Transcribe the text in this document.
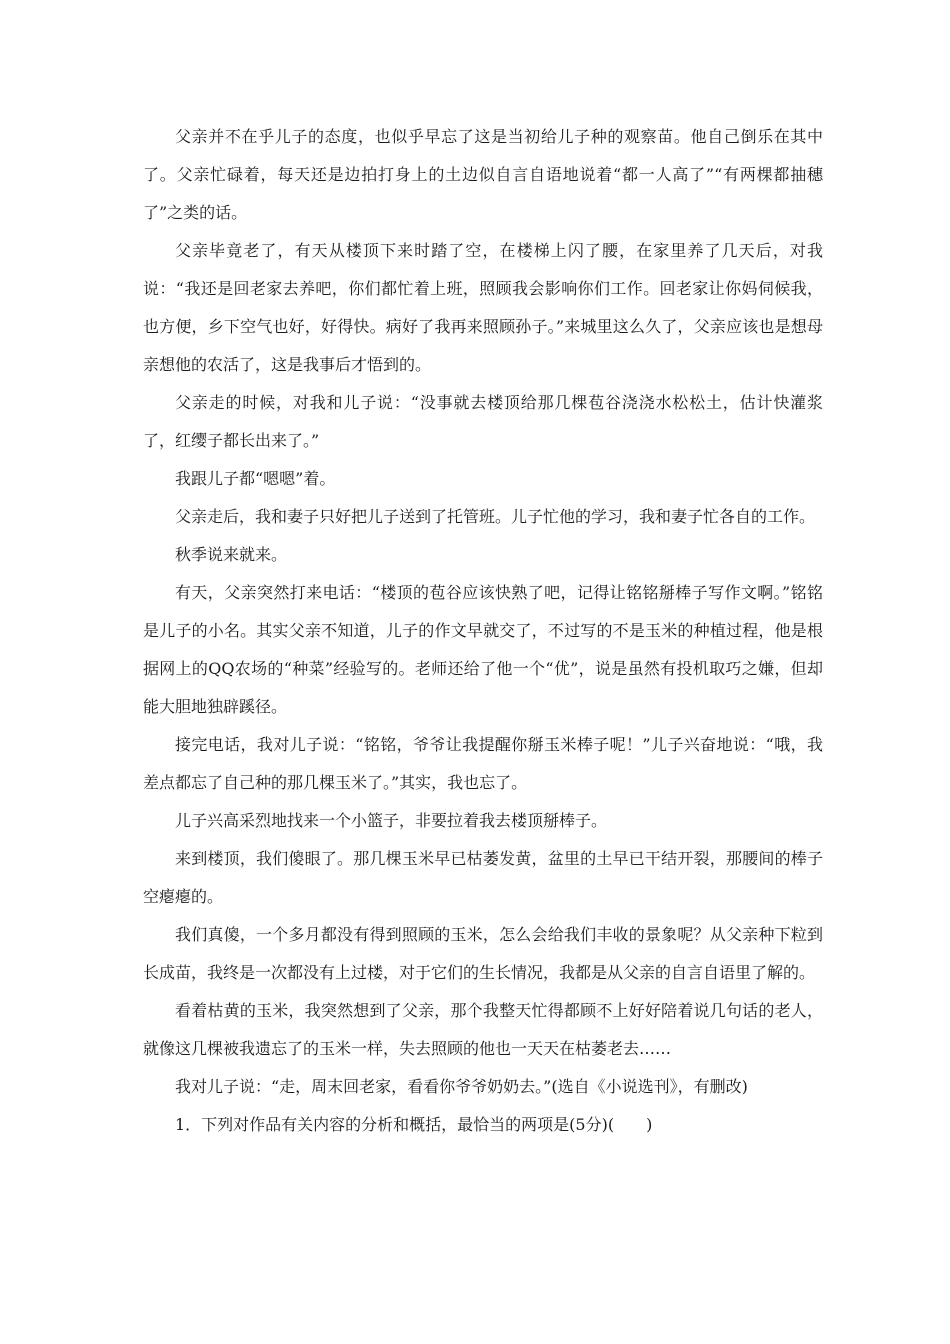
父亲并不在乎儿子的态度，也似乎早忘了这是当初给儿子种的观察苗。他自己倒乐在其中了。父亲忙碌着，每天还是边拍打身上的土边似自言自语地说着“都一人高了”“有两棵都抽穗了”之类的话。

父亲毕竟老了，有天从楼顶下来时踏了空，在楼梯上闪了腰，在家里养了几天后，对我说：“我还是回老家去养吧，你们都忙着上班，照顾我会影响你们工作。回老家让你妈伺候我，也方便，乡下空气也好，好得快。病好了我再来照顾孙子。”来城里这么久了，父亲应该也是想母亲想他的农活了，这是我事后才悟到的。

父亲走的时候，对我和儿子说：“没事就去楼顶给那几棵苞谷浇浇水松松土，估计快灌浆了，红缨子都长出来了。”

我跟儿子都“嗯嗯”着。

父亲走后，我和妻子只好把儿子送到了托管班。儿子忙他的学习，我和妻子忙各自的工作。

秋季说来就来。

有天，父亲突然打来电话：“楼顶的苞谷应该快熟了吧，记得让铭铭掰棒子写作文啊。”铭铭是儿子的小名。其实父亲不知道，儿子的作文早就交了，不过写的不是玉米的种植过程，他是根据网上的QQ农场的“种菜”经验写的。老师还给了他一个“优”，说是虽然有投机取巧之嫌，但却能大胆地独辟蹊径。

接完电话，我对儿子说：“铭铭，爷爷让我提醒你掰玉米棒子呢！”儿子兴奋地说：“哦，我差点都忘了自己种的那几棵玉米了。”其实，我也忘了。

儿子兴高采烈地找来一个小篮子，非要拉着我去楼顶掰棒子。

来到楼顶，我们傻眼了。那几棵玉米早已枯萎发黄，盆里的土早已干结开裂，那腰间的棒子空瘪瘪的。

我们真傻，一个多月都没有得到照顾的玉米，怎么会给我们丰收的景象呢？从父亲种下粒到长成苗，我终是一次都没有上过楼，对于它们的生长情况，我都是从父亲的自言自语里了解的。

看着枯黄的玉米，我突然想到了父亲，那个我整天忙得都顾不上好好陪着说几句话的老人，就像这几棵被我遗忘了的玉米一样，失去照顾的他也一天天在枯萎老去……

我对儿子说：“走，周末回老家，看看你爷爷奶奶去。”(选自《小说选刊》，有删改)

1．下列对作品有关内容的分析和概括，最恰当的两项是(5分)(　　)
